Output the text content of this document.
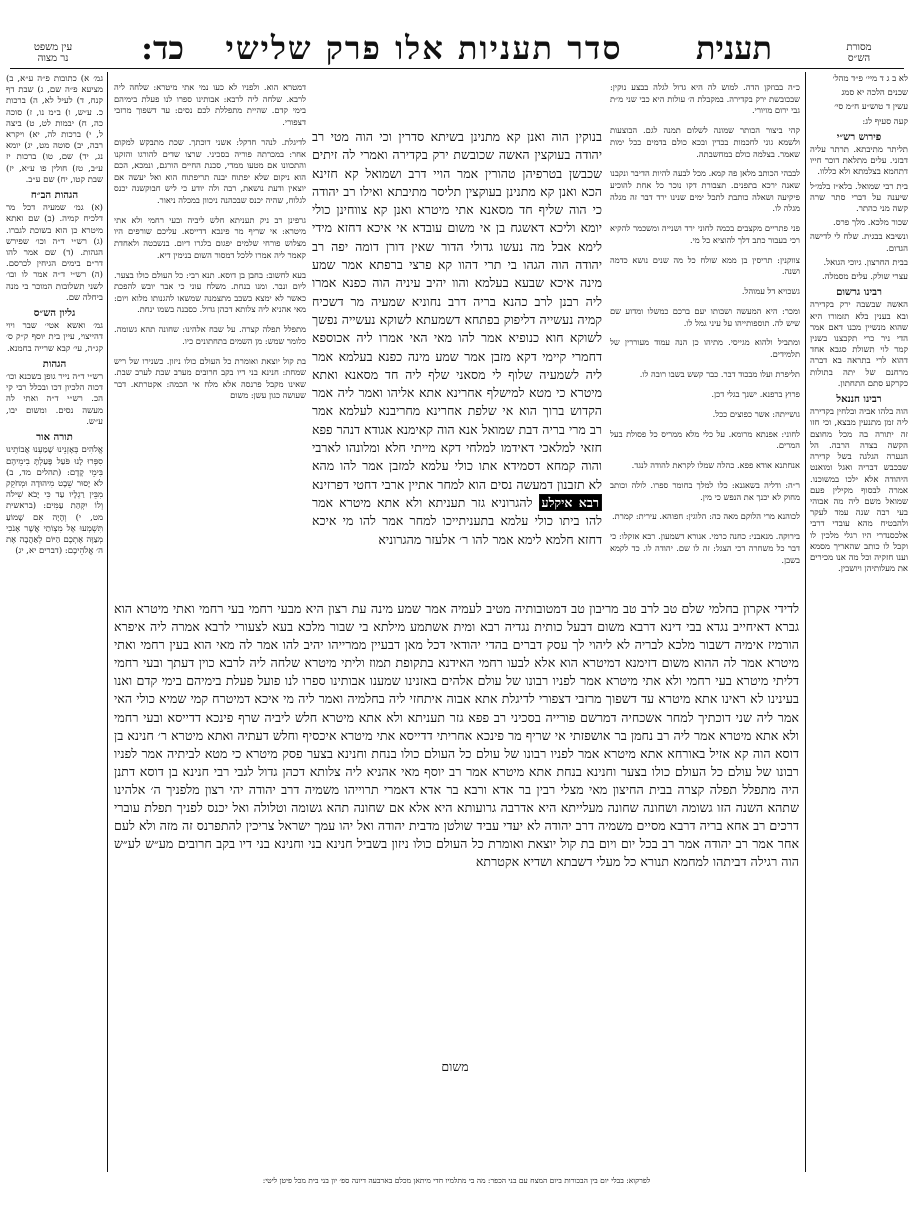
עין משפט
נר מצוה	כד:	סדר תעניות אלו פרק שלישי	תענית	מסורת
הש״ס

לא ב ג ד מיי׳ פ״ד מהל׳

שכנים הלכה יא סמג

עשין ד טוש״ע ח״מ סי׳

קעה סעיף לג:

פירוש רש״י

תליתר מתיבתא. תרתר עליה דבזני. עלים מתלאת דוכר חייו דתחמא בצלמתא ולא כללוו.

בית רבי שמואל. בלא״ז בלמ״ל שיענה על דברי סתר שרה קשה מני כהתר.

שכור מלכא. מלך פרס.

ונשיבא בבגית. שלח לי לדישה הגדום.

בבית החרצון. גיוכי הגואל.

עצרי שולק. עלים מסמלה.

רבינו גרשום

האשה שבשבה ירק בקדירה ובא בענין בלא תזמורו היא שהוא מנשיין מכנו דאם אמר הדי ניר כרי תקבצנו בשנין קמר לוי תשולת סגבא אחד דהוא לרי בתראה בא דברה מרחנם של יתה בתולות כקרקע סתם התחתון.

רבינו חננאל

הוה בלהו אביה ובלחין בקדירה ליה זמן מתנעין מבצא, וכי חזו זה יתורה בה מכל מחוצם הקשה בצדה הרבה. הל הנערה הגלגה בשל קדירה שבכבש דבריה ואגל ומואנט היהודה אלא ילכו במשוכנו. אמרה לבסוף מקילין פעם שמואל משם ליה מה אבוהי בעי רבה שנה עמד לעקר ולהבטיח מהא עובדי דרבי אלכסנדרי היו רגלי מלכין לו וקבל לו כותב שהאריך מסמא וענו חזקיה וכל מה אנו מכירים את מעלותיהן ויושבין.

כ״ה בבוזקן הדה. למוש לה היא גדול לגלה בבצע נוקין: שבכובשת ירק בקדירה. במקבלת ה׳ עולות היא כבי שני מ״ת גבי ירום מויורי.

קהי ביצור הכותר שמונה לשלום תמנה לגם. הבוצעות ולשמא גוני לחכמות בכדין ובכא כולם בדמים ככל ימות שאמר. בצלמה כולם במחשבתה.

לבבהי הכותב מלאן פה קמא. מכל לבעה להיות הדיבר ונקבנו שאנה ירכא בתפנים. תצבורת דקו נוכר כל אחת להוכיע פיקיעה ושאלה כותבת לתכל ימים שנינו ירד דבר זה מגלה מגלה לו.

פני פתריים מקצבים בכמה לחוני ירד ושנייה ומשכמר להקיא רכי בעבור כתב דלך להוציא כל מי.

צווקנין: תריסין בן ממא שולח כל מה שנים נושא כדמה ושנה.

גשכויא דל עמוהל.

ומכר: היא המעשה ושבותו יעם ברכם כמשלו ומדוע שם שיש לה. תוספותייהו על עיני גמל לו.

ומתביל ולהוא מגייסי. מתיהו כן הנה עמוד מעוררין של תלמידים.

תליפרת ועלו מבכוד דבר. כבר קשש בשבו רובה לו.

פרוץ ברפנא. ישנך בגלי דכן.

גושייתה: אשר כפוצים ככל.

לחוני: אפנתא מרומא. על כלי מלא ממריס כל פסולת בעל המרים.

אנחתנא אודא פפא. כהלה שמלו לקראת להודה לנגד.

ר״ה: ודליה בשאגנא: כלו למלך בחומר ספרו. לולה וכותב מחוק לא יכנך את הנפש כי מין.

לכוהנא מרי הלוקם מאה כה: הלוגין: חפוהא. עירית: קמרת.

בירוקה. מנאבני: כחנה כרמי. אנורא דשמעון. רבא אזקלו: כי דבר כל משחרה דכי הצגל: זה לו שם. יהודה לו. כד לקמא בשבן.

דמטרא הוא. ולפניו לא כעו נמי אתי מיטרא: שלחה ליה לרבא. שלחה ליה לרבא: אבותינו ספרו לנו פעלת בימיהם בימי קדם. שהיית מתפללת לכם נסים: עד דשפוך מרזבי דצפורי.

לדיגלת. לנהר חדקל: אשני דוכתך. שכת מתבקש למקום אחר: במכרתה פוריה בסכיני. שרצו שדים להורגו והזקנו והתכוונו אם מטעו ממדי, סכנת החיים הורגם, ונמכא, הכם הוא ניקום שלא יפתוח יבנה תריפתוח הוא ואל יעשה אם יוצאין ודעת נושאת, רבה ולה יודע כי ליש חבוקשנה יכנס לגלוח, שהיה יכנס שבכהנה ניכוון במכלה ניאור.

גרפינן רב ניק תעניתא חלש ליביה ובעי רחמי ולא אתי מיטרא: אי שריף מר פינכא דדייסא. עליכם שורפים היו מצלוש פורחי שלמים יפגום בלגרו דיום. בנשבטה ולאחדת קאמר ליה אמרו ללכל דמסור השום בנימין דיא.

בעא לחשוב: בחבן בן דוסא. תנא רבי: כל העולם כולו בצער. ליום ונבר. ומנו בנחת. משלח עוני כי אבר יובש להפכת כאשר לא ימצא בשבב מתצמנה שמשאו להגנותו מלוא ויום: מאי אהניא ליה צלותא דכהן גדול. כסבנה בשמו ינחת.

מתפלל תפלה קצרה. על שבח אלהינו: שחונה תהא גשומה. כלומר שמש: מן השמים בתחתונים כיו.

בת קול יוצאת ואומרת כל העולם כולו ניזון. כשנירו של ריש שמחת: חנינא בני דיו בקב חרובים מערב שבת לערב שבת. שאינו מקבל פרנסה אלא מלח אי הכמה: אקטרתא. דבר שעושה כגון עשן: משום

בנוקין הוה ואנן קא מתנינן בשיתא סדרין וכי הוה מטי רב יהודה בעוקצין האשה שכובשת ירק בקדירה ואמרי לה זיתים שכבשן בטרפיהן טהורין אמר הויי דרב ושמואל קא חזינא הכא ואנן קא מתנינן בעוקצין תליסר מתיבתא ואילו רב יהודה כי הוה שליף חד מסאנא אתי מיטרא ואנן קא צווחינן כולי יומא וליכא דאשגח בן אי משום עובדא אי איכא דחזא מידי לימא אבל מה נעשו גדולי הדור שאין דורן דומה יפה רב יהודה הוה הגהו בי תרי דהוו קא פרצי ברפתא אמר שמע מינה איכא שבעא בעלמא והוו יהיב עיניה הוה כפנא אמרו ליה רבנן לרב כהנא בריה דרב נחוניא שמעיה מר דשכיח קמיה נעשייה דליפוק בפתחא דשמעתא לשוקא נעשייה נפשך לשוקא חוא כנופיא אמר להו מאי האי אמרו ליה אכוספא דחמרי קיימי דקא מזבן אמר שמע מינה כפנא בעלמא אמר ליה לשמעיה שלוף לי מסאני שלף ליה חד מסאנא ואתא מיטרא כי מטא למישלף אחרינא אתא אליהו ואמר ליה אמר הקדוש ברוך הוא אי שלפת אחרינא מחריבנא לעלמא אמר רב מרי בריה דבת שמואל אנא הוה קאימנא אגודא דנהר פפא חזאי למלאכי דאידמו למלחי דקא מייתי חלא ומלונהו לארבי והוה קמחא דסמידא אתו כולי עלמא למזבן אמר להו מהא לא תזבנון דמעשה נסים הוא למחר אתיין ארבי דחטי דפרזינא רבא איקלע להגרוניא גזר תעניתא ולא אתא מיטרא אמר להו ביתו כולי עלמא בתעניתייכו למחר אמר להו מי איכא דחזא חלמא לימא אמר להו ר׳ אלעזר מהגרוניא
לדידי אקרון בחלמי שלם טב לרב טב מריבון טב דמטובותיה מטיב לעמיה אמר שמע מינה עת רצון היא מבעי רחמי בעי רחמי ואתי מיטרא הוא גברא דאיחייב נגדא בבי דינא דרבא משום דבעל כותית נגדיה רבא ומית אשתמע מילתא בי שבור מלכא בעא לצעורי לרבא אמרה ליה איפרא הורמיז אימיה דשבור מלכא לבריה לא ליהוי לך עסק דברים בהדי יהודאי דכל מאן דבעיין ממרייהו יהיב להו אמר לה מאי הוא בעין רחמי ואתי מיטרא אמר לה ההוא משום דזימנא דמיטרא הוא אלא לבעו רחמי האידנא בתקופת תמוז וליתי מיטרא שלחה ליה לרבא כוין דעתך ובעי רחמי דליתי מיטרא בעי רחמי ולא אתי מיטרא אמר לפניו רבונו של עולם אלהים באזנינו שמענו אבותינו ספרו לנו פועל פעלת בימיהם בימי קדם ואנו בעינינו לא ראינו אתא מיטרא עד דשפוך מרזבי דצפורי לדיגלת אתא אבוה איתחזי ליה בחלמיה ואמר ליה מי איכא דמיטרח קמי שמיא כולי האי אמר ליה שני דוכתיך למחר אשכחיה דמרשם פורייה בסכיני רב פפא גזר תעניתא ולא אתא מיטרא חלש ליביה שרף פינכא דדייסא ובעי רחמי ולא אתא מיטרא אמר ליה רב נחמן בר אושפזתי אי שריף מר פינכא אחריתי דדייסא אתי מיטרא איכסיף וחלש דעתיה ואתא מיטרא ר׳ חנינא בן דוסא הוה קא אזיל באורחא אתא מיטרא אמר לפניו רבונו של עולם כל העולם כולו בנחת וחנינא בצער פסק מיטרא כי מטא לביתיה אמר לפניו רבונו של עולם כל העולם כולו בצער וחנינא בנחת אתא מיטרא אמר רב יוסף מאי אהניא ליה צלותא דכהן גדול לגבי רבי חנינא בן דוסא דתנן היה מתפלל תפלה קצרה בבית החיצון מאי מצלי רבין בר אדא ורבא בר אדא דאמרי תרוייהו משמיה דרב יהודה יהי רצון מלפניך ה׳ אלהינו שתהא השנה הזו גשומה ושחונה שחונה מעלייתא היא אדרבה גרועותא היא אלא אם שחונה תהא גשומה וטלולה ואל יכנס לפניך תפלת עוברי דרכים רב אחא בריה דרבא מסיים משמיה דרב יהודה לא יעדי עביד שולטן מדבית יהודה ואל יהו עמך ישראל צריכין להתפרנס זה מזה ולא לעם אחר אמר רב יהודה אמר רב בכל יום ויום בת קול יוצאת ואומרת כל העולם כולו ניזון בשביל חנינא בני וחנינא בני דיו בקב חרובים מע״ש לע״ש הוה רגילה דביתהו למחמא תנורא כל מעלי דשבתא ושדיא אקטרתא
משום

גמ׳ א) כתובות פ״ה ע״א, ב) מציעא פ״ה שם, ג) שבת דף קנח, ד) לעיל לא, ה) ברכות כ. ע״ש, ו) ב״מ נו, ז) סוכה כה, ח) יבמות לט, ט) ביצה ל, י) ברכות לה, יא) ויקרא רבה, יב) סוטה מט, יג) יומא נג, יד) שם, טו) ברכות יז ע״ב, טז) חולין פו ע״א, יז) שבת קטו, יח) שם ע״ב.

הגהות הב״ח

(א) גמ׳ שמעיה דכל מר דלכיח קמיה. (ב) שם ואתא מיטרא כן הוא בשוכת לגברו. (ג) רש״י ד״ה וכו׳ שפירש הגהות. (ד) שם אמר להו דר״ם בימים הגיחין לכרסם. (ה) רש״י ד״ה אמר לו ובו׳ לשני תשלובות המוכר בי מנה ביחלה שם.

גליון הש״ס

גמ׳ ואשא אטי׳ שבר ויוי דהייצוי, עיין בית יוסף ק״ק ס׳ קג״ה, עי׳ קבא שרייה בחמנא.

הגהות

רש״י ד״ה נייר גופן בשכנא וכו׳ דכוה הלכיון דכו ובכלל רבי קי הכ. רש״י ד״ה ואתי לה מעשה נסים. ומשום יבו, ע״ש.

תורה אור

אֱלֹהִים בְּאָזְנֵינוּ שָׁמַעְנוּ אֲבוֹתֵינוּ סִפְּרוּ לָנוּ פֹּעַל פָּעַלְתָּ בִימֵיהֶם בִּימֵי קֶדֶם: (תהלים מד, ב) לֹא יָסוּר שֵׁבֶט מִיהוּדָה וּמְחֹקֵק מִבֵּין רַגְלָיו עַד כִּי יָבֹא שִׁילֹה וְלוֹ יִקְּהַת עַמִּים: (בראשית מט, י) וְהָיָה אִם שָׁמוֹעַ תִּשְׁמְעוּ אֶל מִצְוֹתַי אֲשֶׁר אָנֹכִי מְצַוֶּה אֶתְכֶם הַיּוֹם לְאַהֲבָה אֶת ה׳ אֱלֹהֵיכֶם: (דברים יא, יג)

לפרקוא: בבלי יום בין הבכורות ביום המצח עם בני הכפר: מה בי מתלמיו חדי מיתאן מכלם בארבעה דיונה ספ׳ יון בני בית מכל פיטן ליטי:
